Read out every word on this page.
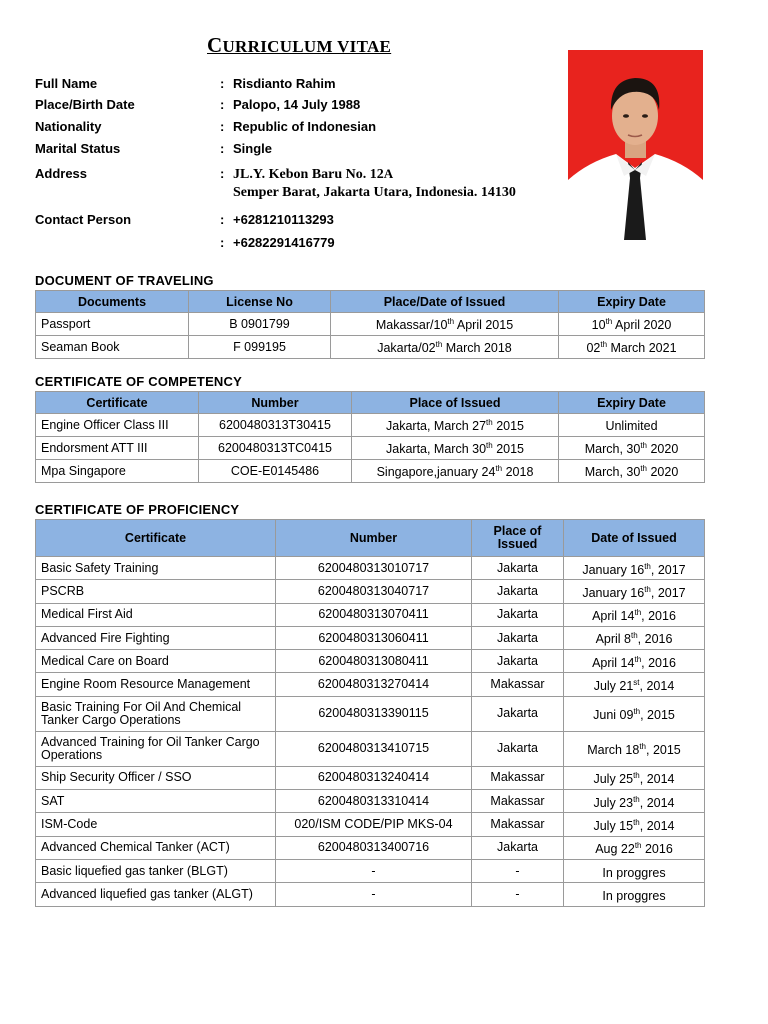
CURRICULUM VITAE
Full Name	: Risdianto Rahim
Place/Birth Date	: Palopo, 14 July 1988
Nationality	: Republic of Indonesian
Marital Status	: Single
Address	: JL.Y. Kebon Baru No. 12A
Semper Barat, Jakarta Utara, Indonesia. 14130
Contact Person	: +6281210113293
: +6282291416779
DOCUMENT OF TRAVELING
Documents	License No	Place/Date of Issued	Expiry Date
Passport	B 0901799	Makassar/10th April 2015	10th April 2020
Seaman Book	F 099195	Jakarta/02th March 2018	02th March 2021
CERTIFICATE OF COMPETENCY
Certificate	Number	Place of Issued	Expiry Date
Engine Officer Class III	6200480313T30415	Jakarta, March 27th 2015	Unlimited
Endorsment ATT III	6200480313TC0415	Jakarta, March 30th 2015	March, 30th 2020
Mpa Singapore	COE-E0145486	Singapore,january 24th 2018	March, 30th 2020
CERTIFICATE OF PROFICIENCY
Certificate	Number	Place of Issued	Date of Issued
Basic Safety Training	6200480313010717	Jakarta	January 16th, 2017
PSCRB	6200480313040717	Jakarta	January 16th, 2017
Medical First Aid	6200480313070411	Jakarta	April 14th, 2016
Advanced Fire Fighting	6200480313060411	Jakarta	April 8th, 2016
Medical Care on Board	6200480313080411	Jakarta	April 14th, 2016
Engine Room Resource Management	6200480313270414	Makassar	July 21st, 2014
Basic Training For Oil And Chemical Tanker Cargo Operations	6200480313390115	Jakarta	Juni 09th, 2015
Advanced Training for Oil Tanker Cargo Operations	6200480313410715	Jakarta	March 18th, 2015
Ship Security Officer / SSO	6200480313240414	Makassar	July 25th, 2014
SAT	6200480313310414	Makassar	July 23th, 2014
ISM-Code	020/ISM CODE/PIP MKS-04	Makassar	July 15th, 2014
Advanced Chemical Tanker (ACT)	6200480313400716	Jakarta	Aug 22th 2016
Basic liquefied gas tanker (BLGT)	-	-	In proggres
Advanced liquefied gas tanker (ALGT)	-	-	In proggres
